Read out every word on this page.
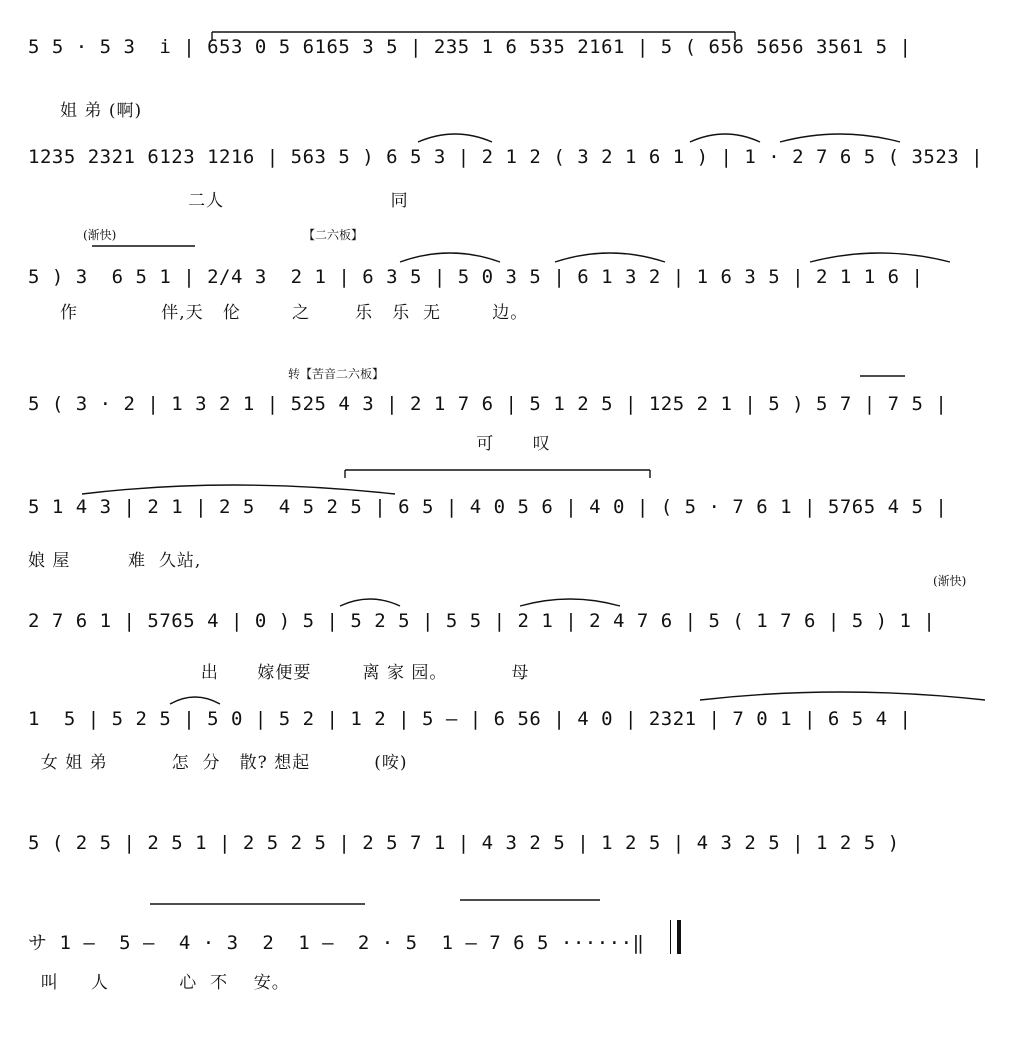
5 5 · 5 3  i | 653 0 5 6165 3 5 | 235 1 6 535 2161 | 5 ( 656 5656 3561 5 |
姐 弟 (啊)
1235 2321 6123 1216 | 563 5 ) 6 5 3 | 2 1 2 ( 3 2 1 6 1 ) | 1 · 2 7 6 5 ( 3523 |
二人                          同
(渐快)	【二六板】
5 ) 3  6 5 1 | 2/4 3  2 1 | 6 3 5 | 5 0 3 5 | 6 1 3 2 | 1 6 3 5 | 2 1 1 6 |
作             伴,天   伦        之       乐   乐  无        边。
转【苦音二六板】
5 ( 3 · 2 | 1 3 2 1 | 525 4 3 | 2 1 7 6 | 5 1 2 5 | 125 2 1 | 5 ) 5 7 | 7 5 |
可      叹
5 1 4 3 | 2 1 | 2 5  4 5 2 5 | 6 5 | 4 0 5 6 | 4 0 | ( 5 · 7 6 1 | 5765 4 5 |
娘 屋         难  久站,
(渐快)
2 7 6 1 | 5765 4 | 0 ) 5 | 5 2 5 | 5 5 | 2 1 | 2 4 7 6 | 5 ( 1 7 6 | 5 ) 1 |
出      嫁便要        离 家 园。          母
1  5 | 5 2 5 | 5 0 | 5 2 | 1 2 | 5 — | 6 56 | 4 0 | 2321 | 7 0 1 | 6 5 4 |
女 姐 弟          怎  分   散? 想起          (咹)
5 ( 2 5 | 2 5 1 | 2 5 2 5 | 2 5 7 1 | 4 3 2 5 | 1 2 5 | 4 3 2 5 | 1 2 5 )
サ 1 —  5 —  4 · 3  2  1 —  2 · 5  1 — 7 6 5 ······‖
叫     人           心  不    安。
